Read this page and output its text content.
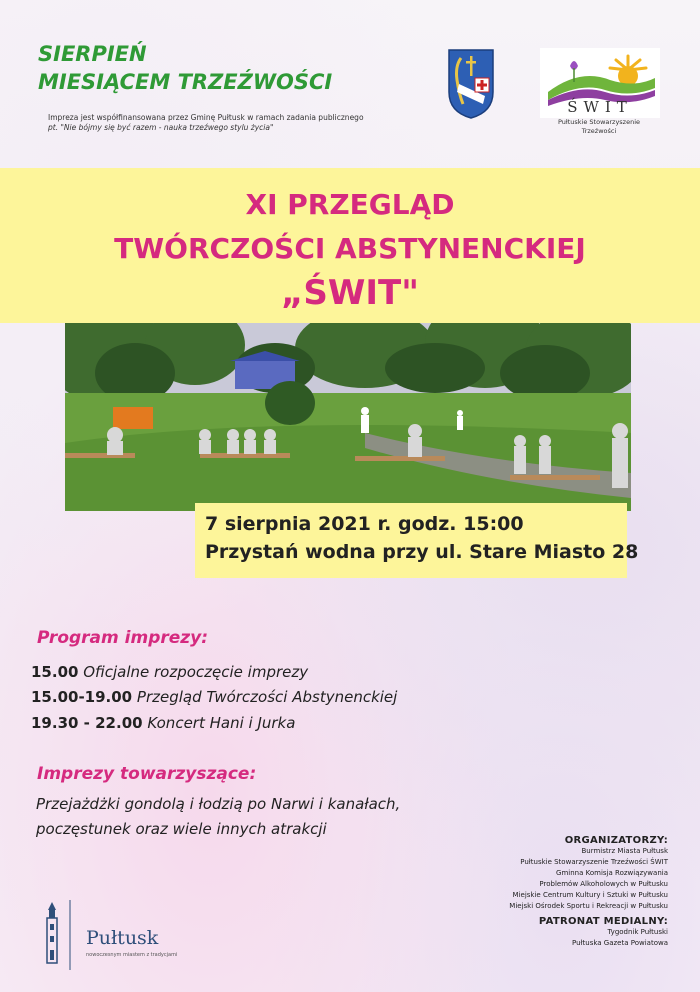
SIERPIEŃ
MIESIĄCEM TRZEŹWOŚCI
Impreza jest współfinansowana przez Gminę Pułtusk w ramach zadania publicznego
pt. "Nie bójmy się być razem - nauka trzeźwego stylu życia"
ŚWIT
Pułtuskie Stowarzyszenie
Trzeźwości
XI PRZEGLĄD
TWÓRCZOŚCI ABSTYNENCKIEJ
„ŚWIT"
7 sierpnia 2021 r. godz. 15:00
Przystań wodna przy ul. Stare Miasto 28
Program imprezy:
15.00 Oficjalne rozpoczęcie imprezy
15.00-19.00 Przegląd Twórczości Abstynenckiej
19.30 - 22.00 Koncert Hani i Jurka
Imprezy towarzyszące:
Przejażdżki gondolą i łodzią po Narwi i kanałach,
poczęstunek oraz wiele innych atrakcji
ORGANIZATORZY:
Burmistrz Miasta Pułtusk
Pułtuskie Stowarzyszenie Trzeźwości ŚWIT
Gminna Komisja Rozwiązywania
Problemów Alkoholowych w Pułtusku
Miejskie Centrum Kultury i Sztuki w Pułtusku
Miejski Ośrodek Sportu i Rekreacji w Pułtusku
PATRONAT MEDIALNY:
Tygodnik Pułtuski
Pułtuska Gazeta Powiatowa
Pułtusk
nowoczesnym miastem z tradycjami
